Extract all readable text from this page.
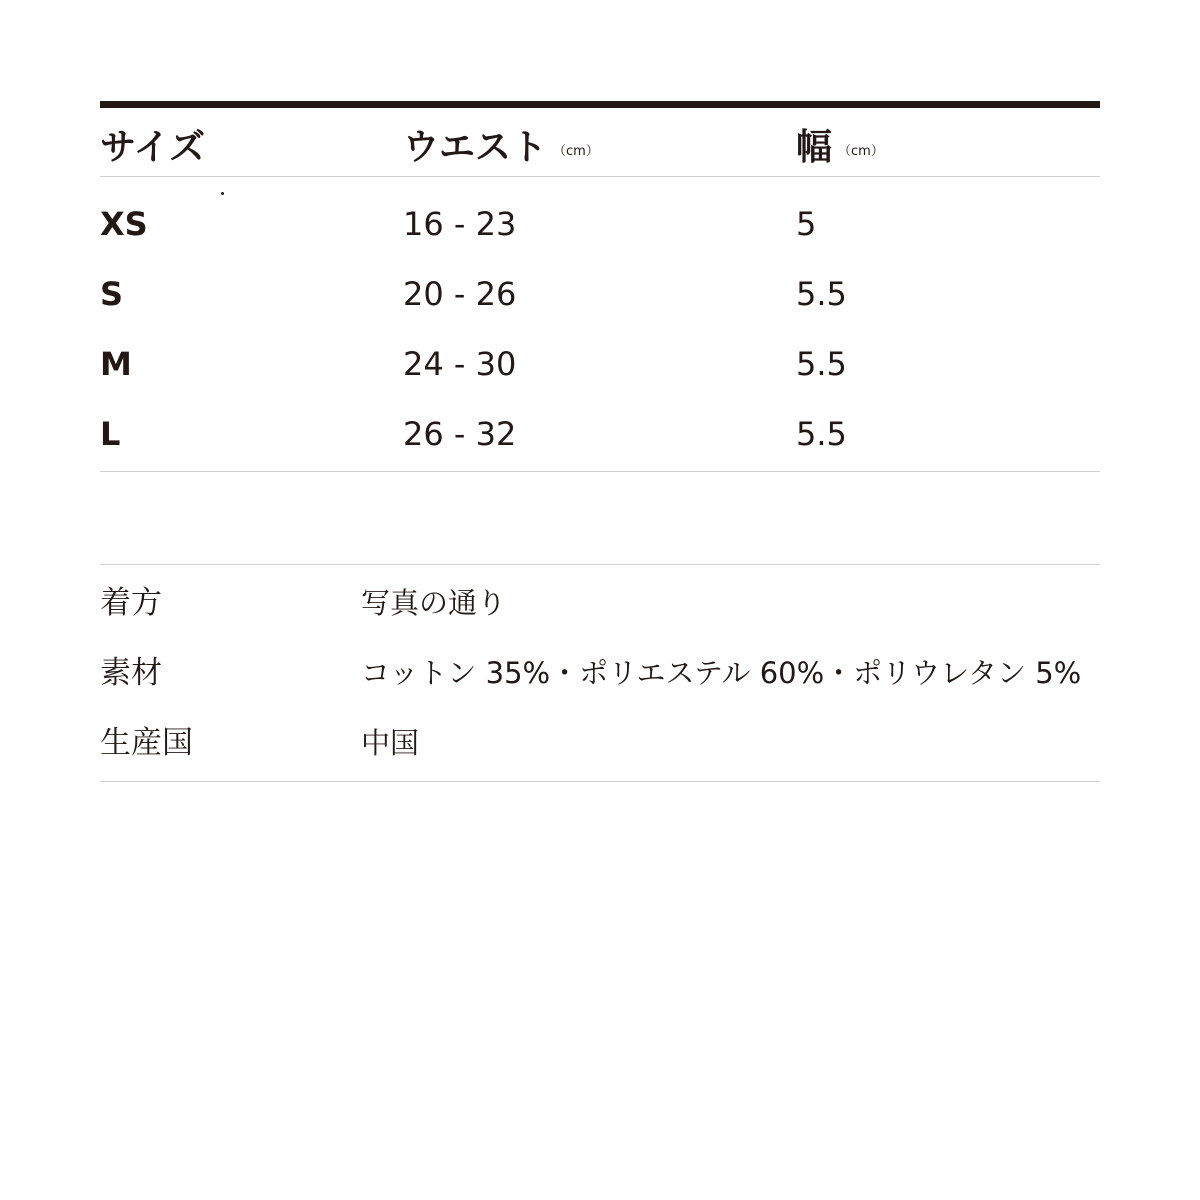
サイズ	ウエスト （cm）	幅 （cm）
XS	16 - 23	5
S	20 - 26	5.5
M	24 - 30	5.5
L	26 - 32	5.5
着方	写真の通り
素材	コットン 35%・ポリエステル 60%・ポリウレタン 5%
生産国	中国
